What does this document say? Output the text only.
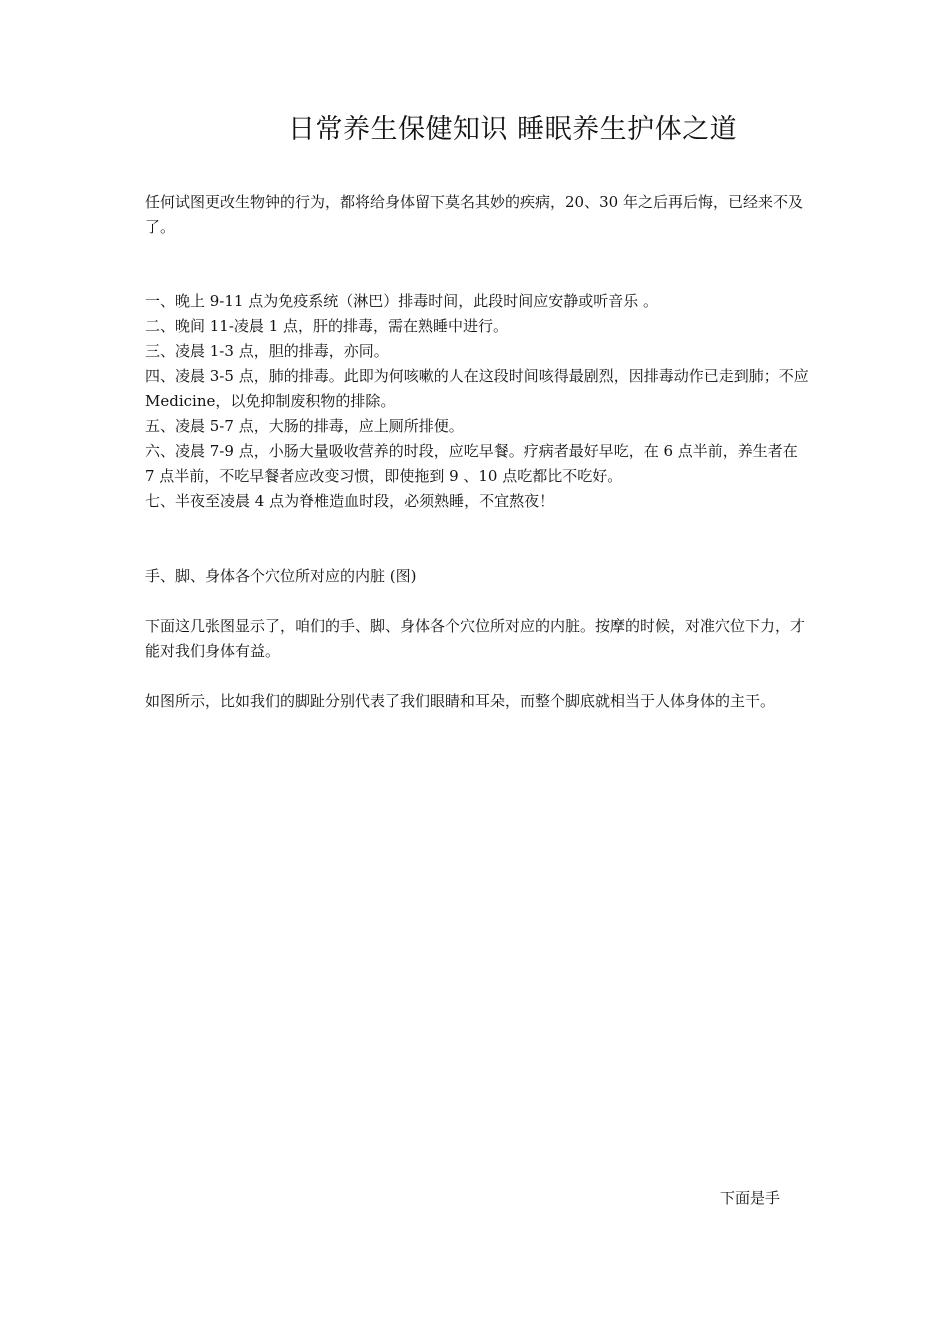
日常养生保健知识 睡眠养生护体之道

任何试图更改生物钟的行为，都将给身体留下莫名其妙的疾病，20、30 年之后再后悔，已经来不及了。

一、晚上 9-11 点为免疫系统（淋巴）排毒时间，此段时间应安静或听音乐 。
二、晚间 11-凌晨 1 点，肝的排毒，需在熟睡中进行。
三、凌晨 1-3 点，胆的排毒，亦同。
四、凌晨 3-5 点，肺的排毒。此即为何咳嗽的人在这段时间咳得最剧烈，因排毒动作已走到肺；不应 Medicine，以免抑制废积物的排除。
五、凌晨 5-7 点，大肠的排毒，应上厕所排便。
六、凌晨 7-9 点，小肠大量吸收营养的时段，应吃早餐。疗病者最好早吃，在 6 点半前，养生者在 7 点半前，不吃早餐者应改变习惯，即使拖到 9 、10 点吃都比不吃好。
七、半夜至凌晨 4 点为脊椎造血时段，必须熟睡，不宜熬夜！

手、脚、身体各个穴位所对应的内脏 (图)

下面这几张图显示了，咱们的手、脚、身体各个穴位所对应的内脏。按摩的时候，对准穴位下力，才能对我们身体有益。

如图所示，比如我们的脚趾分别代表了我们眼睛和耳朵，而整个脚底就相当于人体身体的主干。

下面是手
